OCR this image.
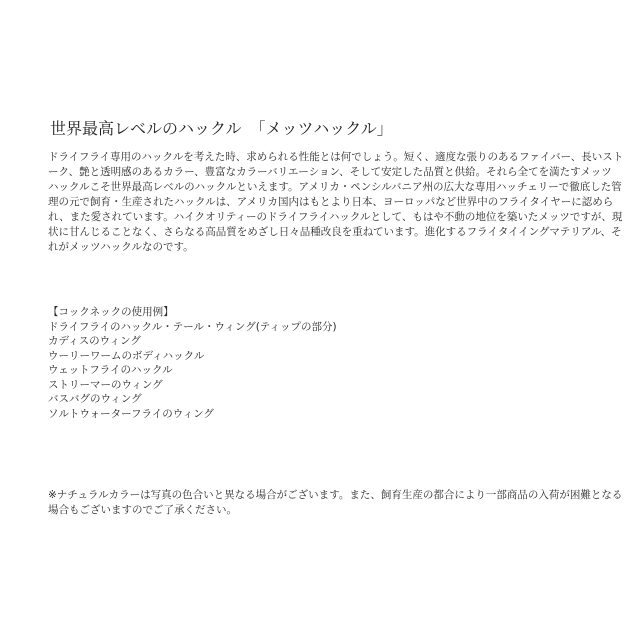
世界最高レベルのハックル　「メッツハックル」
ドライフライ専用のハックルを考えた時、求められる性能とは何でしょう。短く、適度な張りのあるファイバー、長いスト
ーク、艶と透明感のあるカラー、豊富なカラーバリエーション、そして安定した品質と供給。それら全てを満たすメッツ
ハックルこそ世界最高レベルのハックルといえます。アメリカ・ペンシルバニア州の広大な専用ハッチェリーで徹底した管
理の元で飼育・生産されたハックルは、アメリカ国内はもとより日本、ヨーロッパなど世界中のフライタイヤーに認めら
れ、また愛されています。ハイクオリティーのドライフライハックルとして、もはや不動の地位を築いたメッツですが、現
状に甘んじることなく、さらなる高品質をめざし日々品種改良を重ねています。進化するフライタイイングマテリアル、そ
れがメッツハックルなのです。
【コックネックの使用例】
ドライフライのハックル・テール・ウィング(ティップの部分)
カディスのウィング
ウーリーワームのボディハックル
ウェットフライのハックル
ストリーマーのウィング
バスバグのウィング
ソルトウォーターフライのウィング
※ナチュラルカラーは写真の色合いと異なる場合がございます。また、飼育生産の都合により一部商品の入荷が困難となる
場合もございますのでご了承ください。
